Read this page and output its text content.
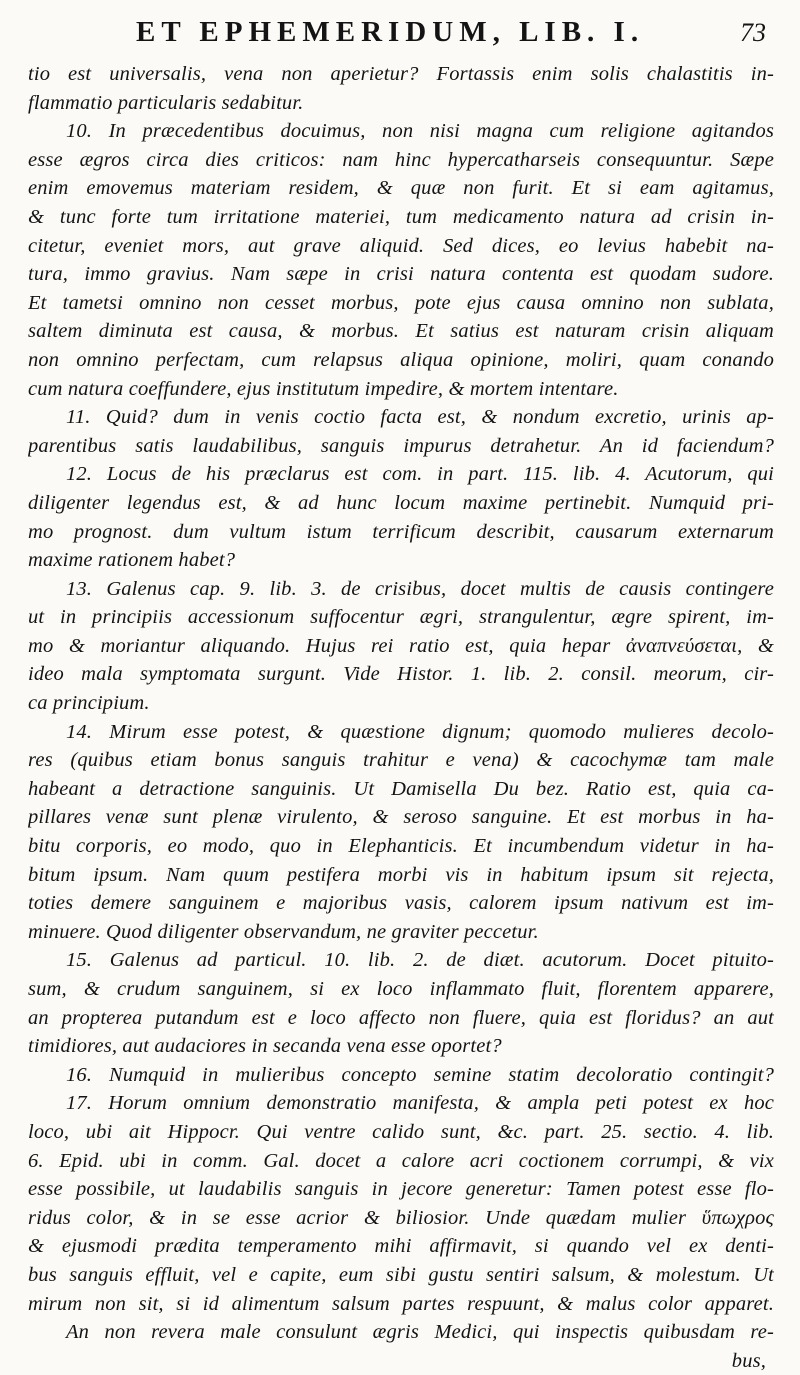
ET EPHEMERIDUM, LIB. I.	73
tio est universalis, vena non aperietur? Fortassis enim solis chalastitis in-
flammatio particularis sedabitur.
10. In præcedentibus docuimus, non nisi magna cum religione agitandos
esse ægros circa dies criticos: nam hinc hypercatharseis consequuntur. Sæpe
enim emovemus materiam residem, & quæ non furit. Et si eam agitamus,
& tunc forte tum irritatione materiei, tum medicamento natura ad crisin in-
citetur, eveniet mors, aut grave aliquid. Sed dices, eo levius habebit na-
tura, immo gravius. Nam sæpe in crisi natura contenta est quodam sudore.
Et tametsi omnino non cesset morbus, pote ejus causa omnino non sublata,
saltem diminuta est causa, & morbus. Et satius est naturam crisin aliquam
non omnino perfectam, cum relapsus aliqua opinione, moliri, quam conando
cum natura coeffundere, ejus institutum impedire, & mortem intentare.
11. Quid? dum in venis coctio facta est, & nondum excretio, urinis ap-
parentibus satis laudabilibus, sanguis impurus detrahetur. An id faciendum?
12. Locus de his præclarus est com. in part. 115. lib. 4. Acutorum, qui
diligenter legendus est, & ad hunc locum maxime pertinebit. Numquid pri-
mo prognost. dum vultum istum terrificum describit, causarum externarum
maxime rationem habet?
13. Galenus cap. 9. lib. 3. de crisibus, docet multis de causis contingere
ut in principiis accessionum suffocentur ægri, strangulentur, ægre spirent, im-
mo & moriantur aliquando. Hujus rei ratio est, quia hepar ἀναπνεύσεται, &
ideo mala symptomata surgunt. Vide Histor. 1. lib. 2. consil. meorum, cir-
ca principium.
14. Mirum esse potest, & quæstione dignum; quomodo mulieres decolo-
res (quibus etiam bonus sanguis trahitur e vena) & cacochymæ tam male
habeant a detractione sanguinis. Ut Damisella Du bez. Ratio est, quia ca-
pillares venæ sunt plenæ virulento, & seroso sanguine. Et est morbus in ha-
bitu corporis, eo modo, quo in Elephanticis. Et incumbendum videtur in ha-
bitum ipsum. Nam quum pestifera morbi vis in habitum ipsum sit rejecta,
toties demere sanguinem e majoribus vasis, calorem ipsum nativum est im-
minuere. Quod diligenter observandum, ne graviter peccetur.
15. Galenus ad particul. 10. lib. 2. de diæt. acutorum. Docet pituito-
sum, & crudum sanguinem, si ex loco inflammato fluit, florentem apparere,
an propterea putandum est e loco affecto non fluere, quia est floridus? an aut
timidiores, aut audaciores in secanda vena esse oportet?
16. Numquid in mulieribus concepto semine statim decoloratio contingit?
17. Horum omnium demonstratio manifesta, & ampla peti potest ex hoc
loco, ubi ait Hippocr. Qui ventre calido sunt, &c. part. 25. sectio. 4. lib.
6. Epid. ubi in comm. Gal. docet a calore acri coctionem corrumpi, & vix
esse possibile, ut laudabilis sanguis in jecore generetur: Tamen potest esse flo-
ridus color, & in se esse acrior & biliosior. Unde quædam mulier ὕπωχρος
& ejusmodi prædita temperamento mihi affirmavit, si quando vel ex denti-
bus sanguis effluit, vel e capite, eum sibi gustu sentiri salsum, & molestum. Ut
mirum non sit, si id alimentum salsum partes respuunt, & malus color apparet.
An non revera male consulunt ægris Medici, qui inspectis quibusdam re-
bus,
